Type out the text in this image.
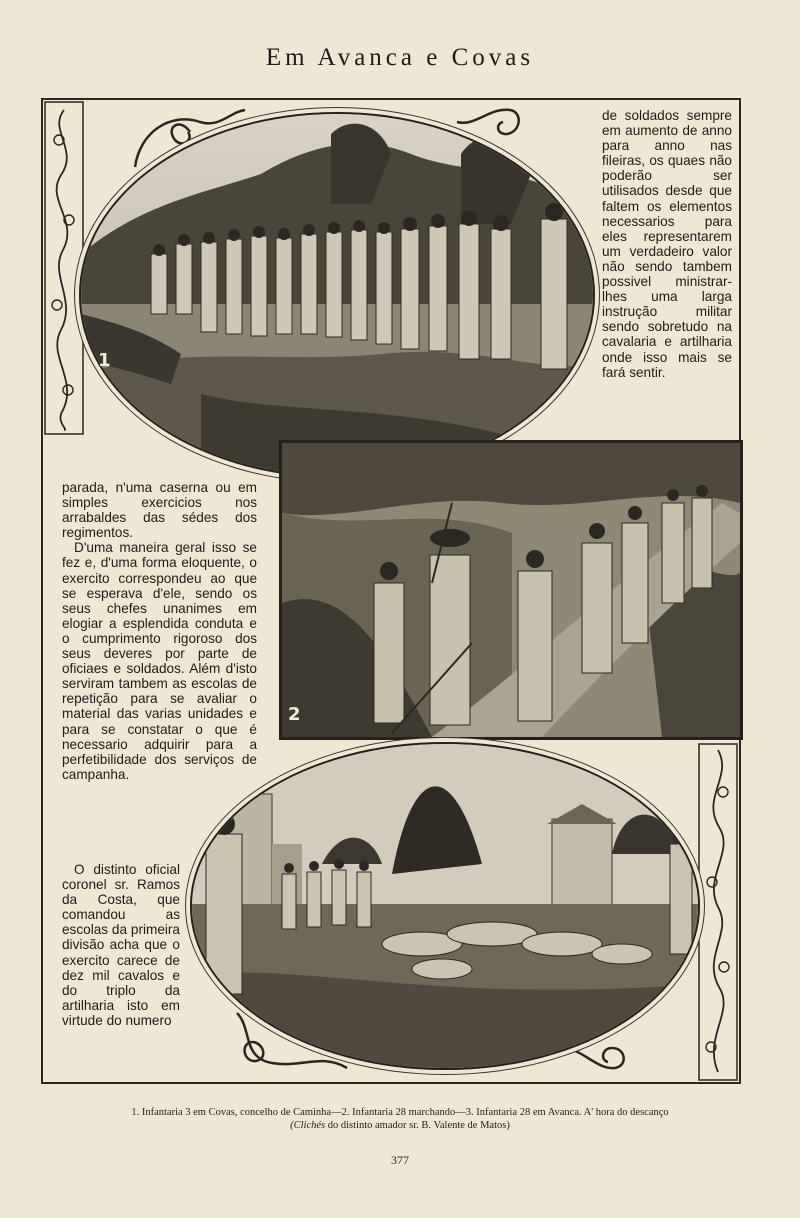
Em Avanca e Covas
1
2

de soldados sempre em aumento de anno para anno nas fileiras, os quaes não poderão ser utilisados desde que faltem os elementos necessarios para eles representarem um verdadeiro valor não sendo tambem possivel ministrar-lhes uma larga instrução militar sendo sobretudo na cavalaria e artilharia onde isso mais se fará sentir.

parada, n'uma caserna ou em simples exercicios nos arrabaldes das sédes dos regimentos.

D'uma maneira geral isso se fez e, d'uma forma eloquente, o exercito correspondeu ao que se esperava d'ele, sendo os seus chefes unanimes em elogiar a esplendida conduta e o cumprimento rigoroso dos seus deveres por parte de oficiaes e soldados. Além d'isto serviram tambem as escolas de repetição para se avaliar o material das varias unidades e para se constatar o que é necessario adquirir para a perfetibilidade dos serviços de campanha.

O distinto oficial coronel sr. Ramos da Costa, que comandou as escolas da primeira divisão acha que o exercito carece de dez mil cavalos e do triplo da artilharia isto em virtude do numero

1. Infantaria 3 em Covas, concelho de Caminha—2. Infantaria 28 marchando—3. Infantaria 28 em Avanca. A' hora do descanço
(Clichés do distinto amador sr. B. Valente de Matos)
377
